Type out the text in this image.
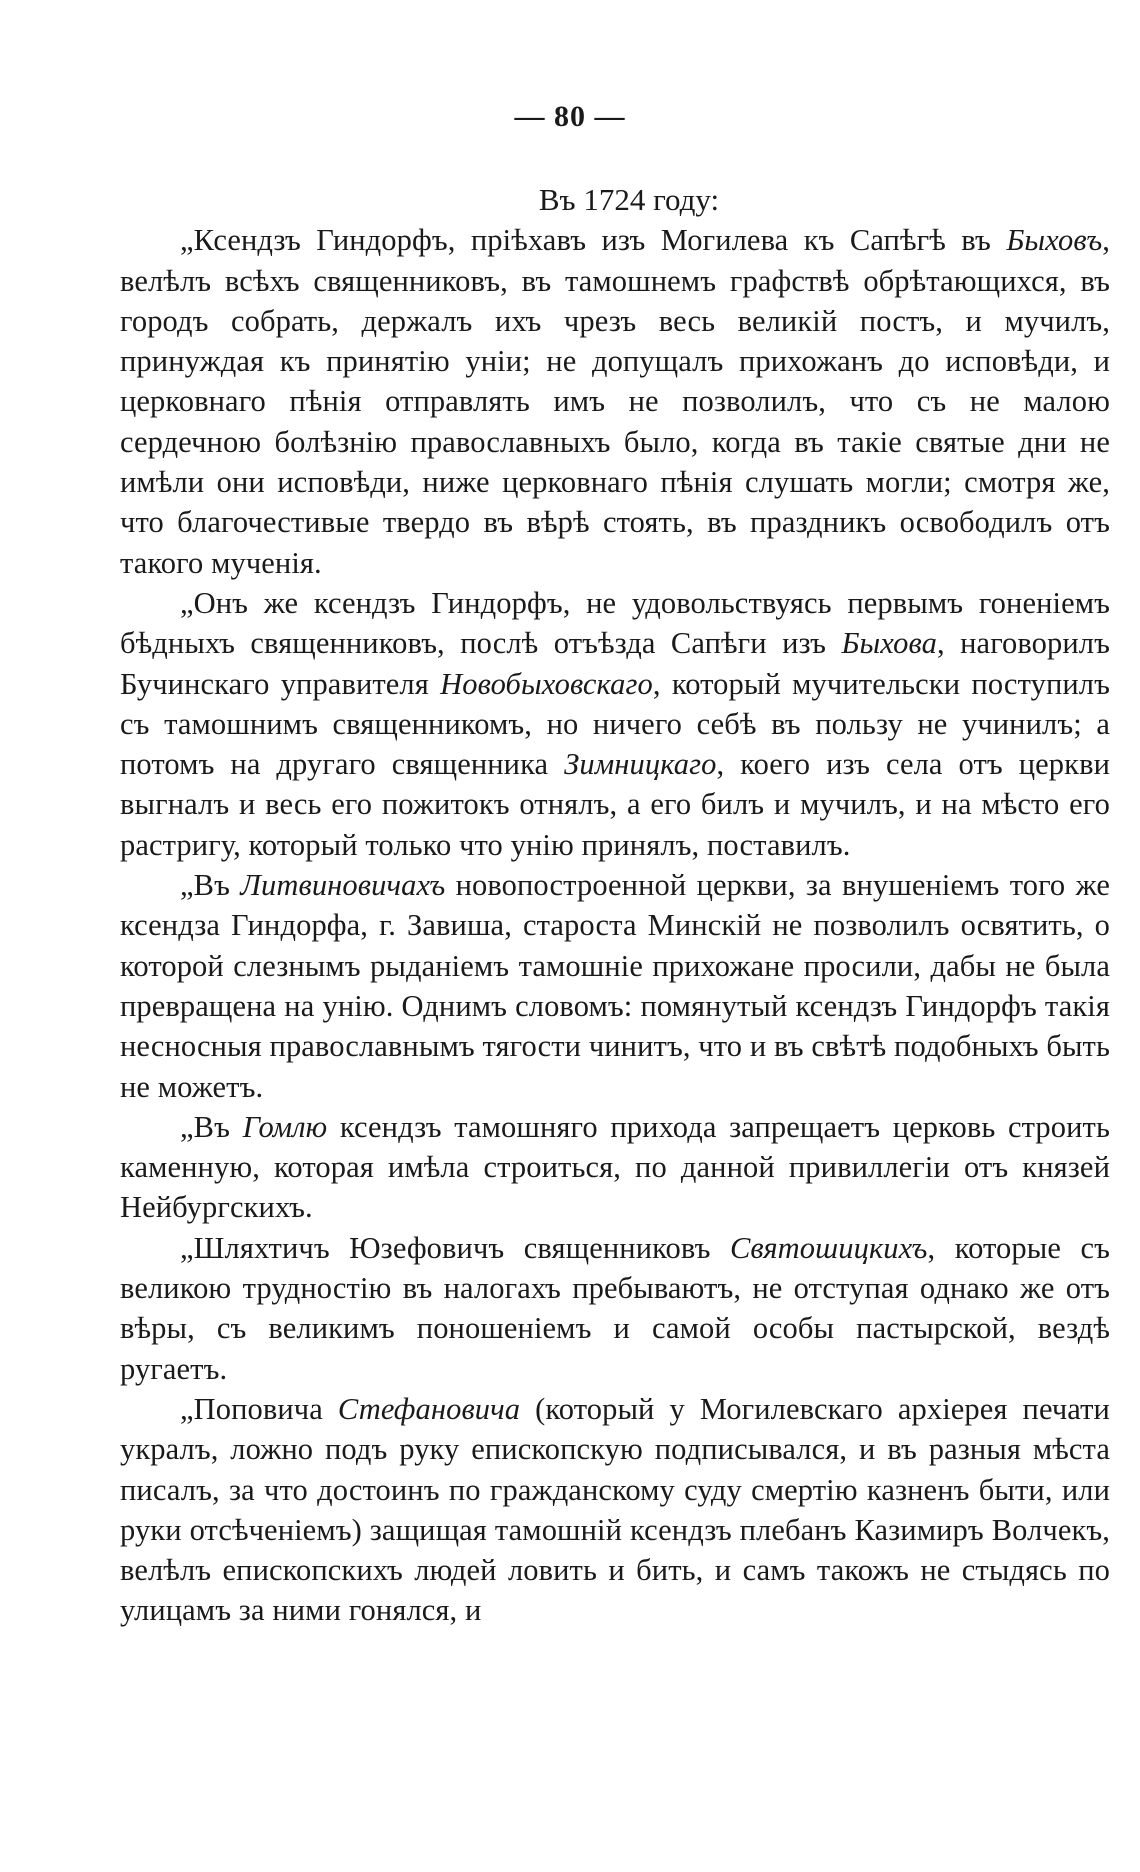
— 80 —

Въ 1724 году:

„Ксендзъ Гиндорфъ, пріѣхавъ изъ Могилева къ Сапѣгѣ въ Быховъ, велѣлъ всѣхъ священниковъ, въ тамошнемъ графствѣ обрѣтающихся, въ городъ собрать, держалъ ихъ чрезъ весь великій постъ, и мучилъ, принуждая къ принятію уніи; не допущалъ прихожанъ до исповѣди, и церковнаго пѣнія отправлять имъ не позволилъ, что съ не малою сердечною болѣзнію православныхъ было, когда въ такіе святые дни не имѣли они исповѣди, ниже церковнаго пѣнія слушать могли; смотря же, что благочестивые твердо въ вѣрѣ стоять, въ праздникъ освободилъ отъ такого мученія.

„Онъ же ксендзъ Гиндорфъ, не удовольствуясь первымъ гоненіемъ бѣдныхъ священниковъ, послѣ отъѣзда Сапѣги изъ Быхова, наговорилъ Бучинскаго управителя Новобыховскаго, который мучительски поступилъ съ тамошнимъ священникомъ, но ничего себѣ въ пользу не учинилъ; а потомъ на другаго священника Зимницкаго, коего изъ села отъ церкви выгналъ и весь его пожитокъ отнялъ, а его билъ и мучилъ, и на мѣсто его растригу, который только что унію принялъ, поставилъ.

„Въ Литвиновичахъ новопостроенной церкви, за внушеніемъ того же ксендза Гиндорфа, г. Завиша, староста Минскій не позволилъ освятить, о которой слезнымъ рыданіемъ тамошніе прихожане просили, дабы не была превращена на унію. Однимъ словомъ: помянутый ксендзъ Гиндорфъ такія несносныя православнымъ тягости чинитъ, что и въ свѣтѣ подобныхъ быть не можетъ.

„Въ Гомлю ксендзъ тамошняго прихода запрещаетъ церковь строить каменную, которая имѣла строиться, по данной привиллегіи отъ князей Нейбургскихъ.

„Шляхтичъ Юзефовичъ священниковъ Святошицкихъ, которые съ великою трудностію въ налогахъ пребываютъ, не отступая однако же отъ вѣры, съ великимъ поношеніемъ и самой особы пастырской, вездѣ ругаетъ.

„Поповича Стефановича (который у Могилевскаго архіерея печати укралъ, ложно подъ руку епископскую подписывался, и въ разныя мѣста писалъ, за что достоинъ по гражданскому суду смертію казненъ быти, или руки отсѣченіемъ) защищая тамошній ксендзъ плебанъ Казимиръ Волчекъ, велѣлъ епископскихъ людей ловить и бить, и самъ такожъ не стыдясь по улицамъ за ними гонялся, и
